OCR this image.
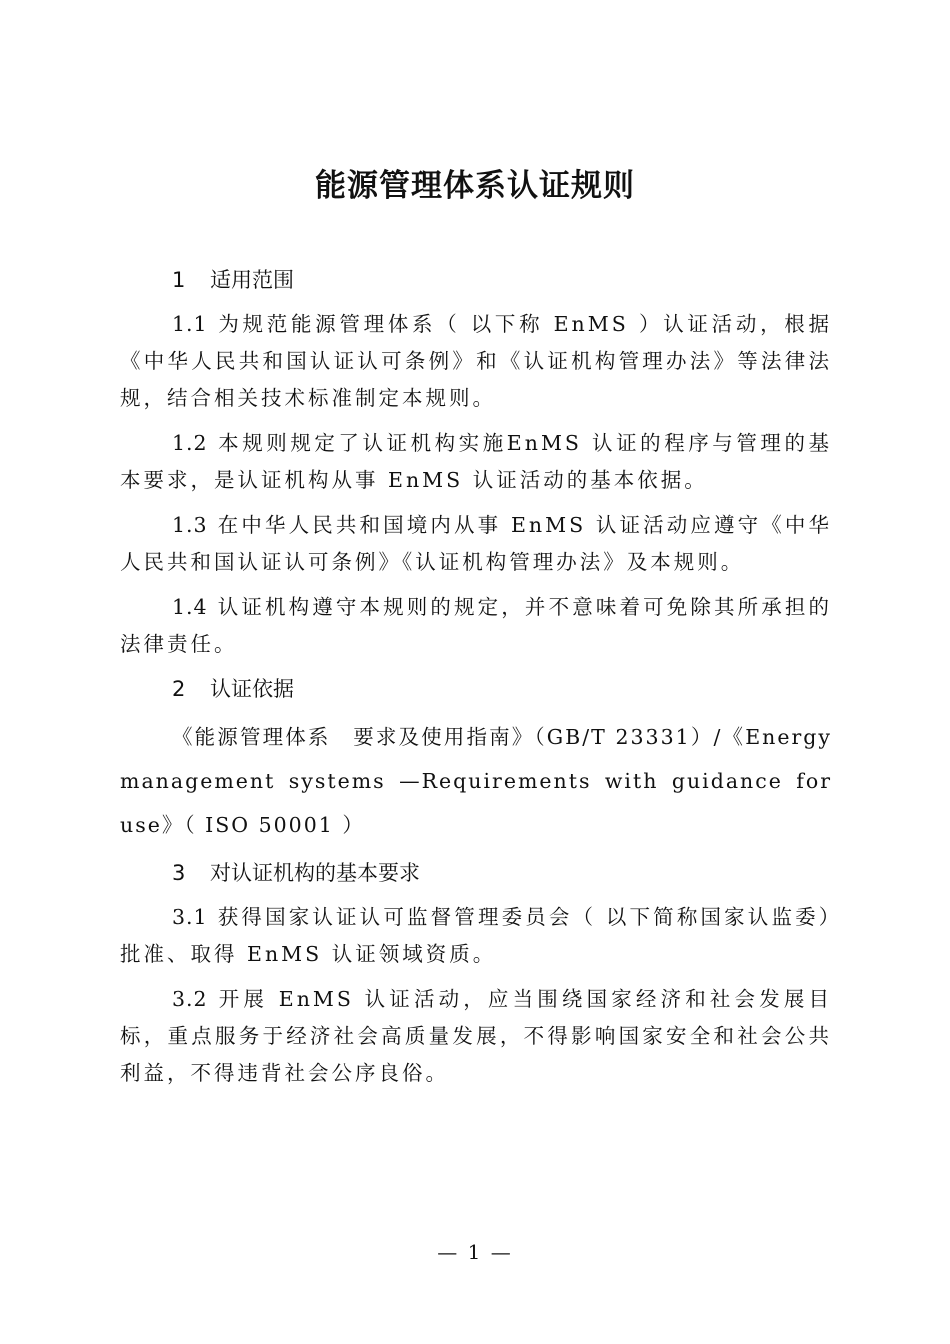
能源管理体系认证规则
1 适用范围

1.1 为规范能源管理体系（ 以下称 EnMS ）认证活动，根据《中华人民共和国认证认可条例》和《认证机构管理办法》等法律法规，结合相关技术标准制定本规则。

1.2 本规则规定了认证机构实施EnMS 认证的程序与管理的基本要求，是认证机构从事 EnMS 认证活动的基本依据。

1.3 在中华人民共和国境内从事 EnMS 认证活动应遵守《中华人民共和国认证认可条例》《认证机构管理办法》及本规则。

1.4 认证机构遵守本规则的规定，并不意味着可免除其所承担的法律责任。

2 认证依据

《能源管理体系　要求及使用指南》（GB/T 23331）/《Energy management systems —Requirements with guidance for use》（ ISO 50001 ）

3 对认证机构的基本要求

3.1 获得国家认证认可监督管理委员会（ 以下简称国家认监委）批准、取得 EnMS 认证领域资质。

3.2 开展 EnMS 认证活动，应当围绕国家经济和社会发展目标，重点服务于经济社会高质量发展，不得影响国家安全和社会公共利益，不得违背社会公序良俗。

— 1 —
